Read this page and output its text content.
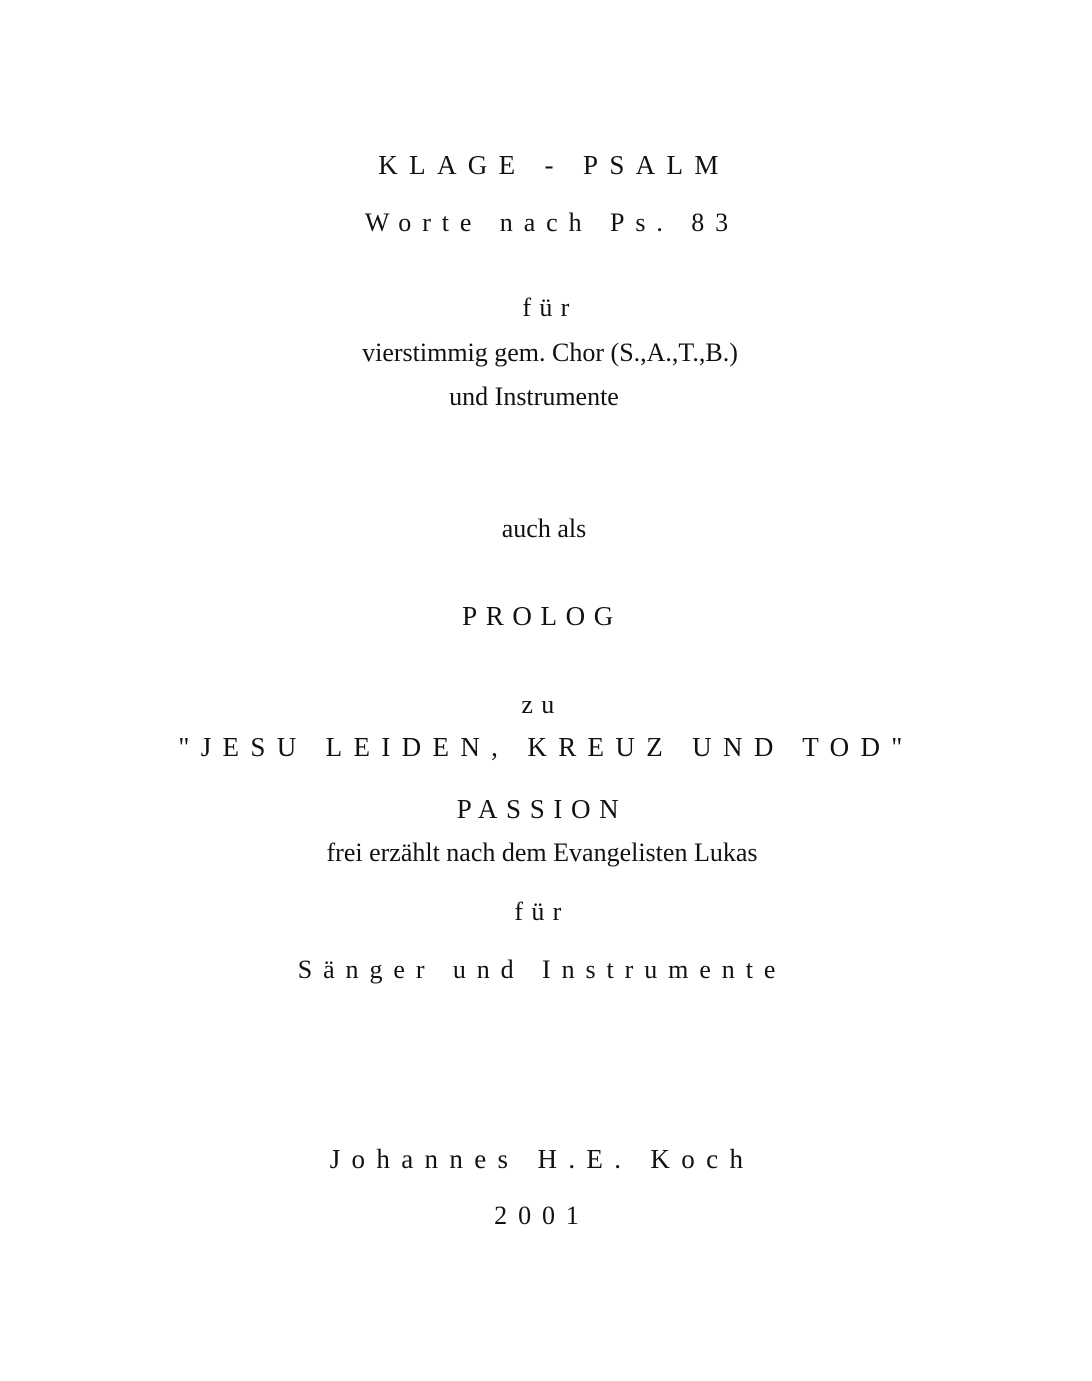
KLAGE - PSALM
Worte nach Ps. 83
für
vierstimmig gem. Chor (S.,A.,T.,B.)
und Instrumente
auch als
PROLOG
zu
"JESU LEIDEN, KREUZ UND TOD"
PASSION
frei erzählt nach dem Evangelisten Lukas
für
Sänger und Instrumente
Johannes H.E. Koch
2001
